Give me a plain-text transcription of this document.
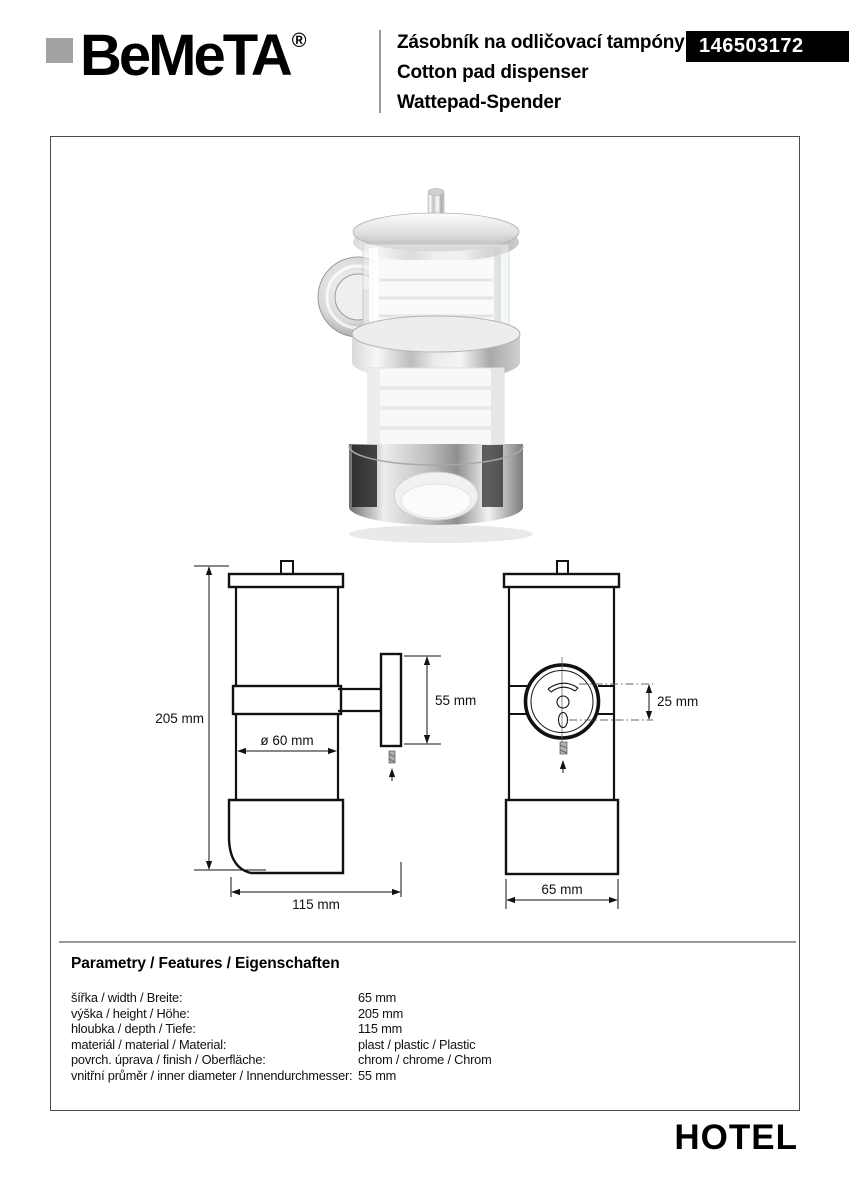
BeMeTA ®	Zásobník na odličovací tampóny
Cotton pad dispenser
Wattepad-Spender
146503172
205 mm
ø 60 mm
55 mm
115 mm
25 mm
65 mm
Parametry / Features / Eigenschaften
šířka / width / Breite:	65 mm
výška / height / Höhe:	205 mm
hloubka / depth / Tiefe:	115 mm
materiál / material / Material:	plast / plastic / Plastic
povrch. úprava / finish / Oberfläche:	chrom / chrome / Chrom
vnitřní průměr / inner diameter / Innendurchmesser: 55 mm
HOTEL
